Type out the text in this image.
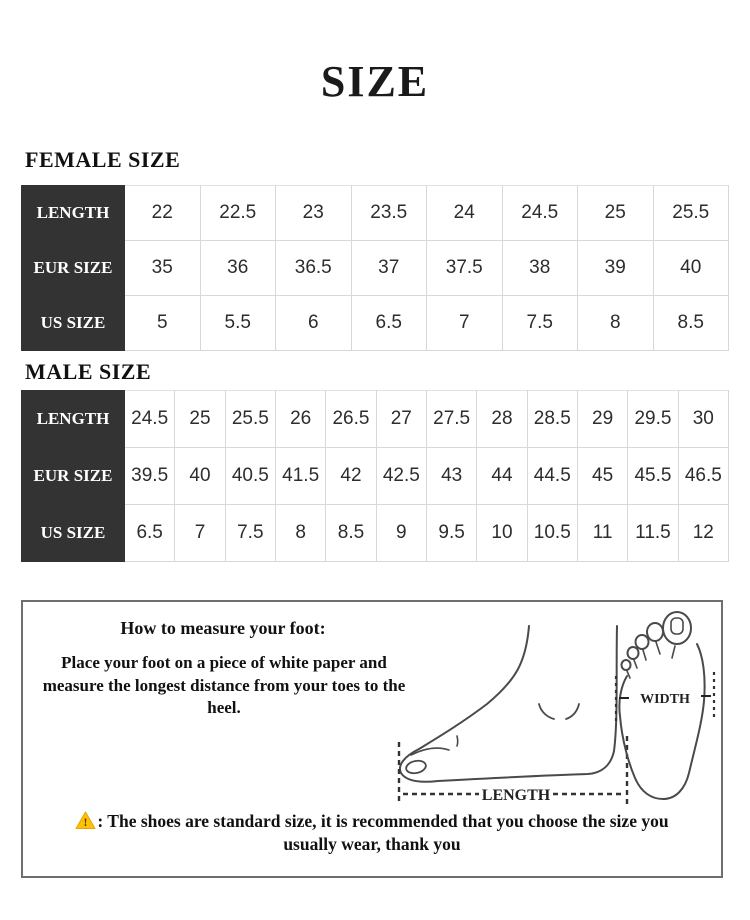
SIZE
FEMALE SIZE
LENGTH	22	22.5	23	23.5	24	24.5	25	25.5
EUR SIZE	35	36	36.5	37	37.5	38	39	40
US SIZE	5	5.5	6	6.5	7	7.5	8	8.5
MALE SIZE
LENGTH	24.5	25	25.5	26	26.5	27	27.5	28	28.5	29	29.5	30
EUR SIZE	39.5	40	40.5	41.5	42	42.5	43	44	44.5	45	45.5	46.5
US SIZE	6.5	7	7.5	8	8.5	9	9.5	10	10.5	11	11.5	12
How to measure your foot:

Place your foot on a piece of white paper and measure the longest distance from your toes to the heel.

LENGTH
WIDTH
! : The shoes are standard size, it is recommended that you choose the size you usually wear, thank you
